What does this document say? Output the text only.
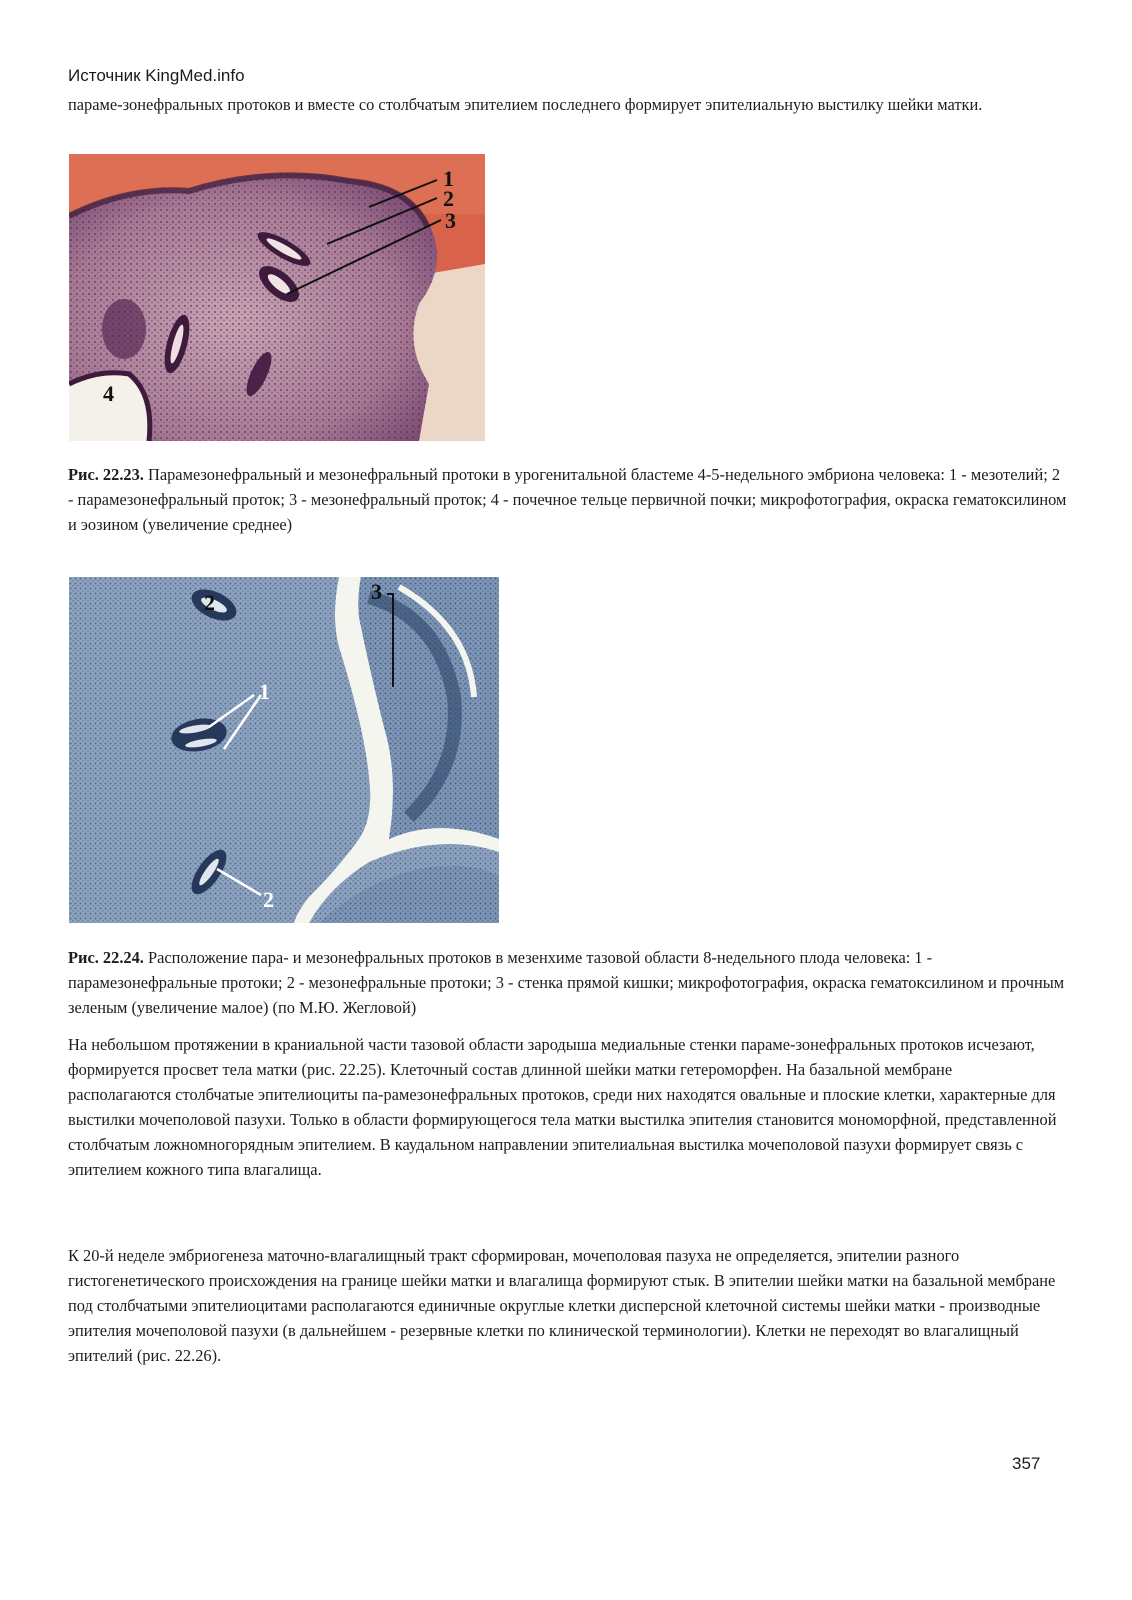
Источник KingMed.info

параме-зонефральных протоков и вместе со столбчатым эпителием последнего формирует эпителиальную выстилку шейки матки.

1
2
3
4

Рис. 22.23. Парамезонефральный и мезонефральный протоки в урогенитальной бластеме 4-5-недельного эмбриона человека: 1 - мезотелий; 2 - парамезонефральный проток; 3 - мезонефральный проток; 4 - почечное тельце первичной почки; микрофотография, окраска гематоксилином и эозином (увеличение среднее)

2	3
1
2

Рис. 22.24. Расположение пара- и мезонефральных протоков в мезенхиме тазовой области 8-недельного плода человека: 1 - парамезонефральные протоки; 2 - мезонефральные протоки; 3 - стенка прямой кишки; микрофотография, окраска гематоксилином и прочным зеленым (увеличение малое) (по М.Ю. Жегловой)

На небольшом протяжении в краниальной части тазовой области зародыша медиальные стенки параме-зонефральных протоков исчезают, формируется просвет тела матки (рис. 22.25). Клеточный состав длинной шейки матки гетероморфен. На базальной мембране располагаются столбчатые эпителиоциты па-рамезонефральных протоков, среди них находятся овальные и плоские клетки, характерные для выстилки мочеполовой пазухи. Только в области формирующегося тела матки выстилка эпителия становится мономорфной, представленной столбчатым ложномногорядным эпителием. В каудальном направлении эпителиальная выстилка мочеполовой пазухи формирует связь с эпителием кожного типа влагалища.

К 20-й неделе эмбриогенеза маточно-влагалищный тракт сформирован, мочеполовая пазуха не определяется, эпителии разного гистогенетического происхождения на границе шейки матки и влагалища формируют стык. В эпителии шейки матки на базальной мембране под столбчатыми эпителиоцитами располагаются единичные округлые клетки дисперсной клеточной системы шейки матки - производные эпителия мочеполовой пазухи (в дальнейшем - резервные клетки по клинической терминологии). Клетки не переходят во влагалищный эпителий (рис. 22.26).

357
